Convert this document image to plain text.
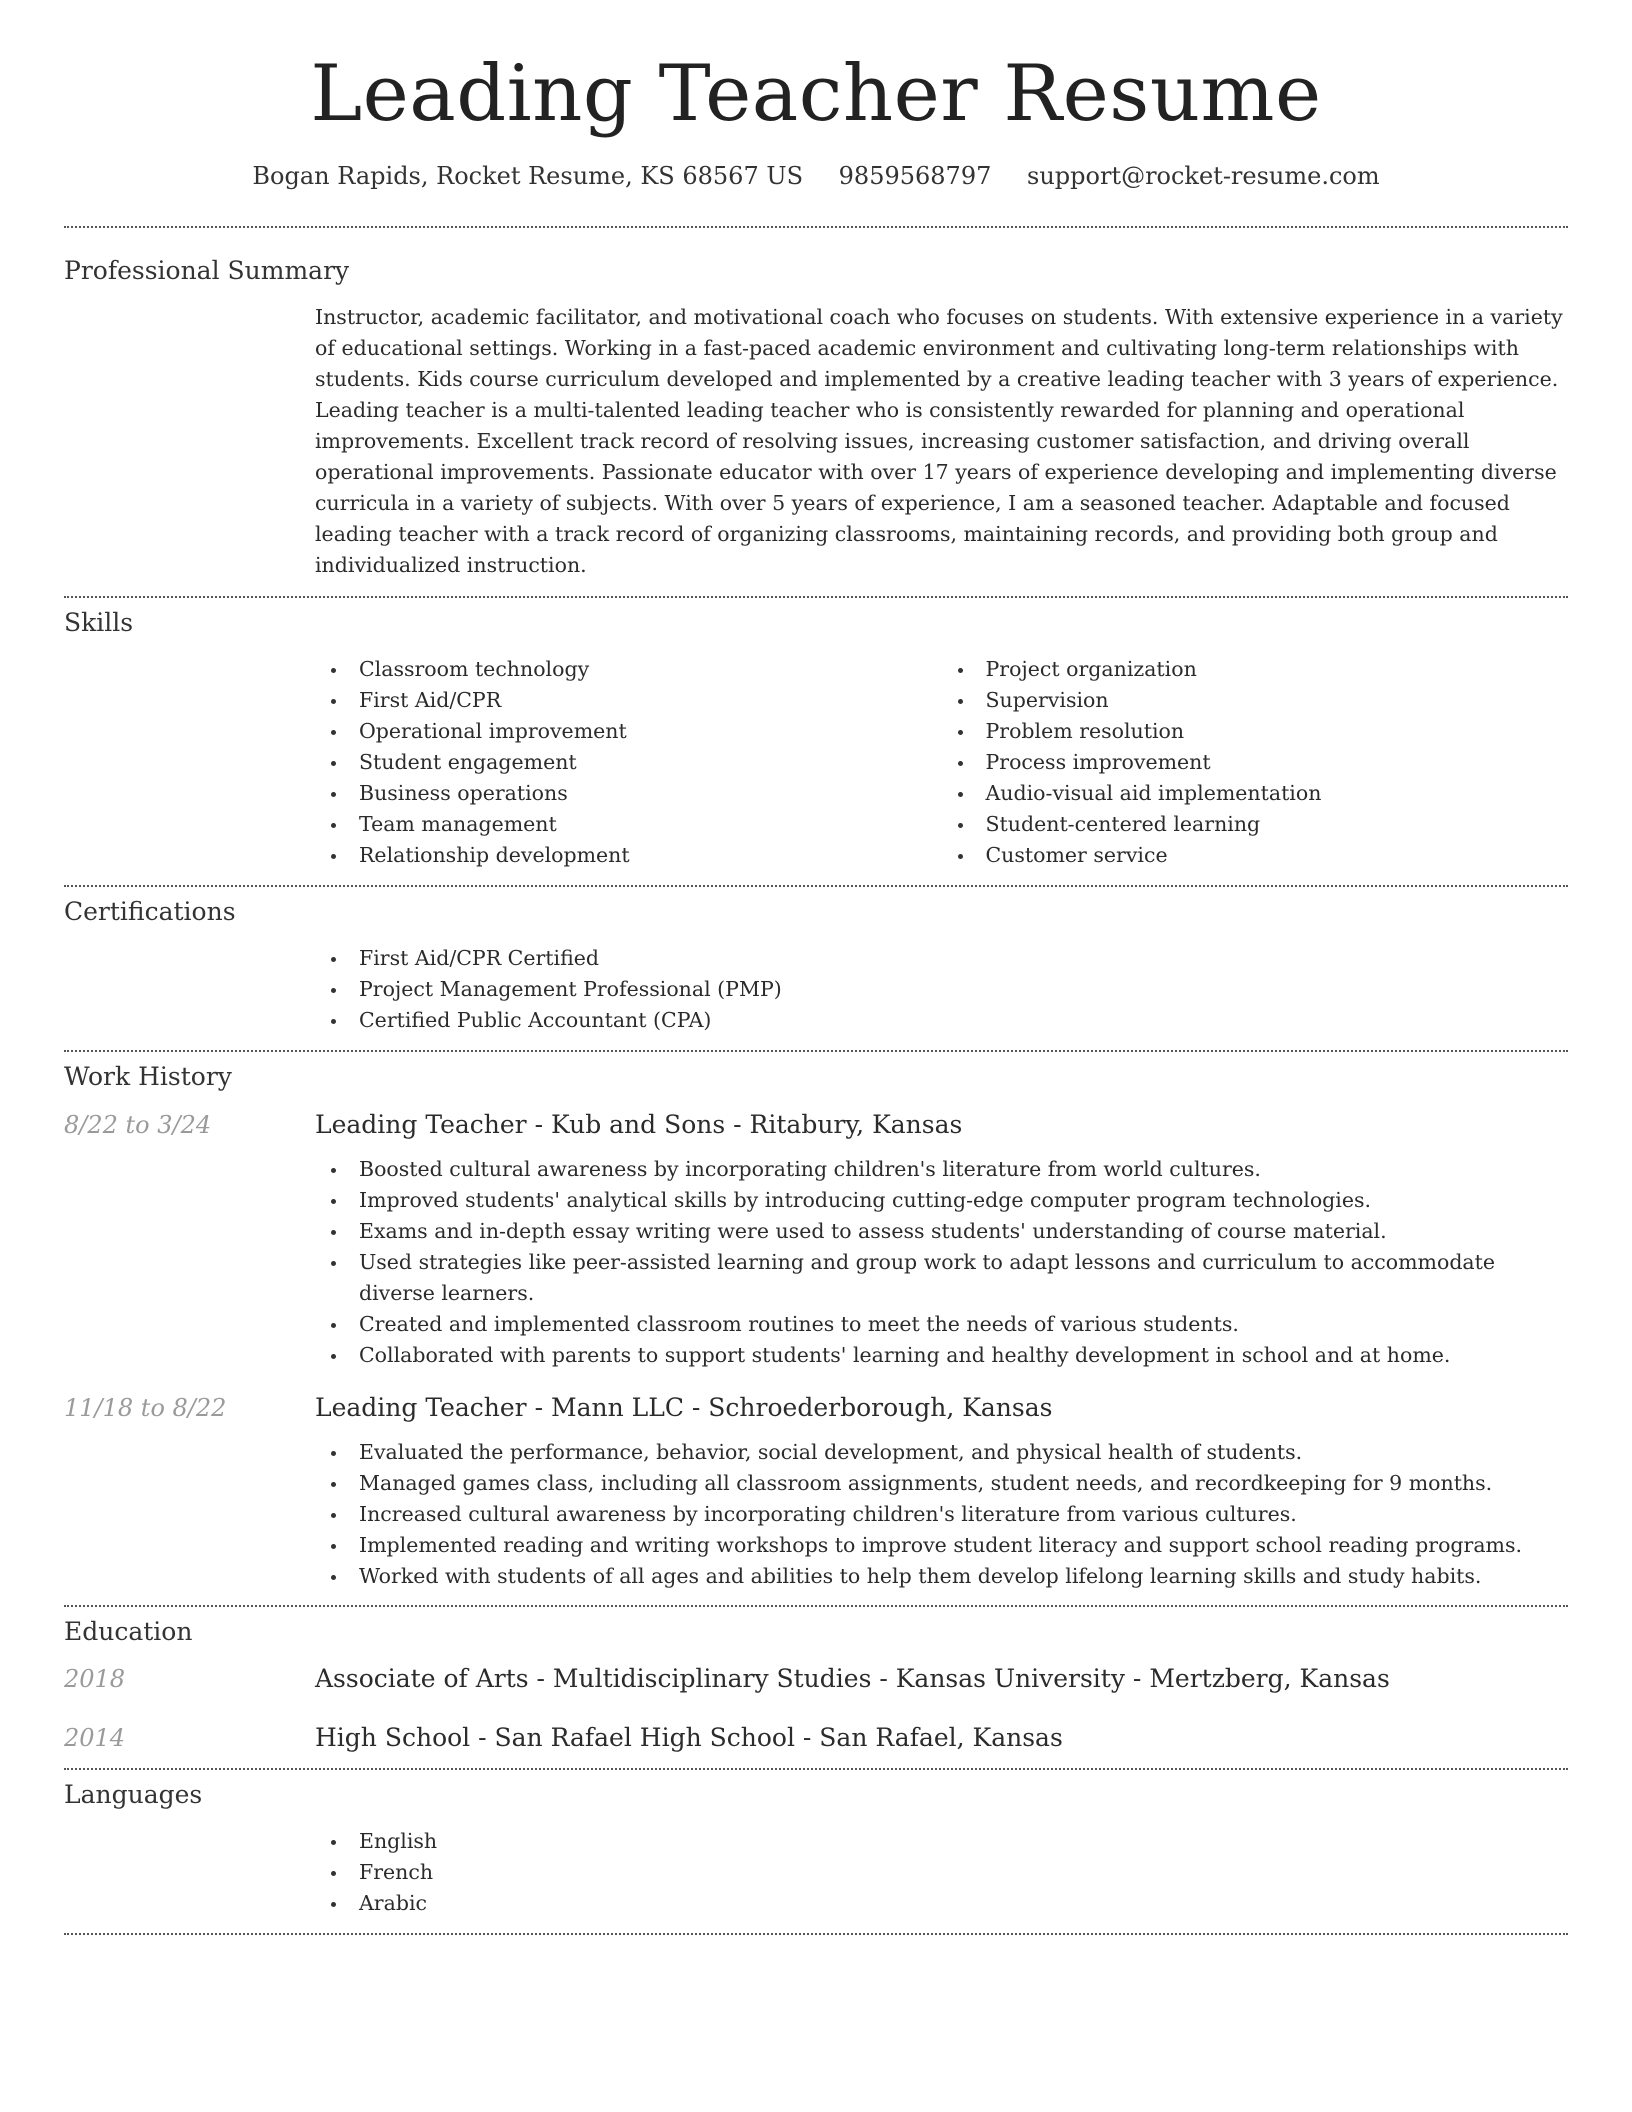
Leading Teacher Resume
Bogan Rapids, Rocket Resume, KS 68567 US 9859568797 support@rocket-resume.com
Professional Summary

Instructor, academic facilitator, and motivational coach who focuses on students. With extensive experience in a variety of educational settings. Working in a fast-paced academic environment and cultivating long-term relationships with students. Kids course curriculum developed and implemented by a creative leading teacher with 3 years of experience. Leading teacher is a multi-talented leading teacher who is consistently rewarded for planning and operational improvements. Excellent track record of resolving issues, increasing customer satisfaction, and driving overall operational improvements. Passionate educator with over 17 years of experience developing and implementing diverse curricula in a variety of subjects. With over 5 years of experience, I am a seasoned teacher. Adaptable and focused leading teacher with a track record of organizing classrooms, maintaining records, and providing both group and individualized instruction.

Skills
Classroom technology
First Aid/CPR
Operational improvement
Student engagement
Business operations
Team management
Relationship development
Project organization
Supervision
Problem resolution
Process improvement
Audio-visual aid implementation
Student-centered learning
Customer service
Certifications
First Aid/CPR Certified
Project Management Professional (PMP)
Certified Public Accountant (CPA)
Work History
8/22 to 3/24	Leading Teacher - Kub and Sons - Ritabury, Kansas
Boosted cultural awareness by incorporating children's literature from world cultures.
Improved students' analytical skills by introducing cutting-edge computer program technologies.
Exams and in-depth essay writing were used to assess students' understanding of course material.
Used strategies like peer-assisted learning and group work to adapt lessons and curriculum to accommodate diverse learners.
Created and implemented classroom routines to meet the needs of various students.
Collaborated with parents to support students' learning and healthy development in school and at home.
11/18 to 8/22	Leading Teacher - Mann LLC - Schroederborough, Kansas
Evaluated the performance, behavior, social development, and physical health of students.
Managed games class, including all classroom assignments, student needs, and recordkeeping for 9 months.
Increased cultural awareness by incorporating children's literature from various cultures.
Implemented reading and writing workshops to improve student literacy and support school reading programs.
Worked with students of all ages and abilities to help them develop lifelong learning skills and study habits.
Education
2018	Associate of Arts - Multidisciplinary Studies - Kansas University - Mertzberg, Kansas
2014	High School - San Rafael High School - San Rafael, Kansas
Languages
English
French
Arabic
